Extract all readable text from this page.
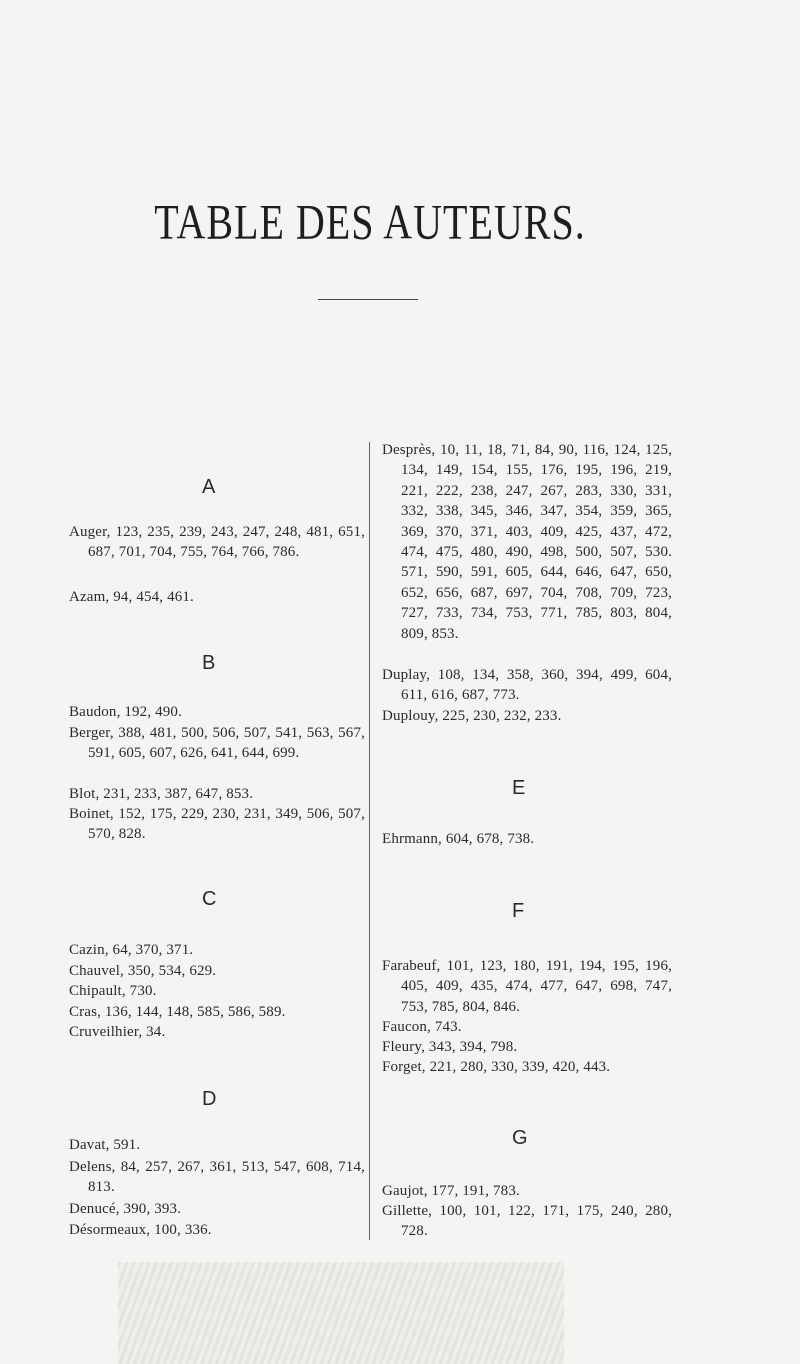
TABLE DES AUTEURS.
A
Auger, 123, 235, 239, 243, 247, 248, 481, 651, 687, 701, 704, 755, 764, 766, 786.
Azam, 94, 454, 461.
B
Baudon, 192, 490.
Berger, 388, 481, 500, 506, 507, 541, 563, 567, 591, 605, 607, 626, 641, 644, 699.
Blot, 231, 233, 387, 647, 853.
Boinet, 152, 175, 229, 230, 231, 349, 506, 507, 570, 828.
C
Cazin, 64, 370, 371.
Chauvel, 350, 534, 629.
Chipault, 730.
Cras, 136, 144, 148, 585, 586, 589.
Cruveilhier, 34.
D
Davat, 591.
Delens, 84, 257, 267, 361, 513, 547, 608, 714, 813.
Denucé, 390, 393.
Désormeaux, 100, 336.
Desprès, 10, 11, 18, 71, 84, 90, 116, 124, 125, 134, 149, 154, 155, 176, 195, 196, 219, 221, 222, 238, 247, 267, 283, 330, 331, 332, 338, 345, 346, 347, 354, 359, 365, 369, 370, 371, 403, 409, 425, 437, 472, 474, 475, 480, 490, 498, 500, 507, 530. 571, 590, 591, 605, 644, 646, 647, 650, 652, 656, 687, 697, 704, 708, 709, 723, 727, 733, 734, 753, 771, 785, 803, 804, 809, 853.
Duplay, 108, 134, 358, 360, 394, 499, 604, 611, 616, 687, 773.
Duplouy, 225, 230, 232, 233.
E
Ehrmann, 604, 678, 738.
F
Farabeuf, 101, 123, 180, 191, 194, 195, 196, 405, 409, 435, 474, 477, 647, 698, 747, 753, 785, 804, 846.
Faucon, 743.
Fleury, 343, 394, 798.
Forget, 221, 280, 330, 339, 420, 443.
G
Gaujot, 177, 191, 783.
Gillette, 100, 101, 122, 171, 175, 240, 280, 728.
